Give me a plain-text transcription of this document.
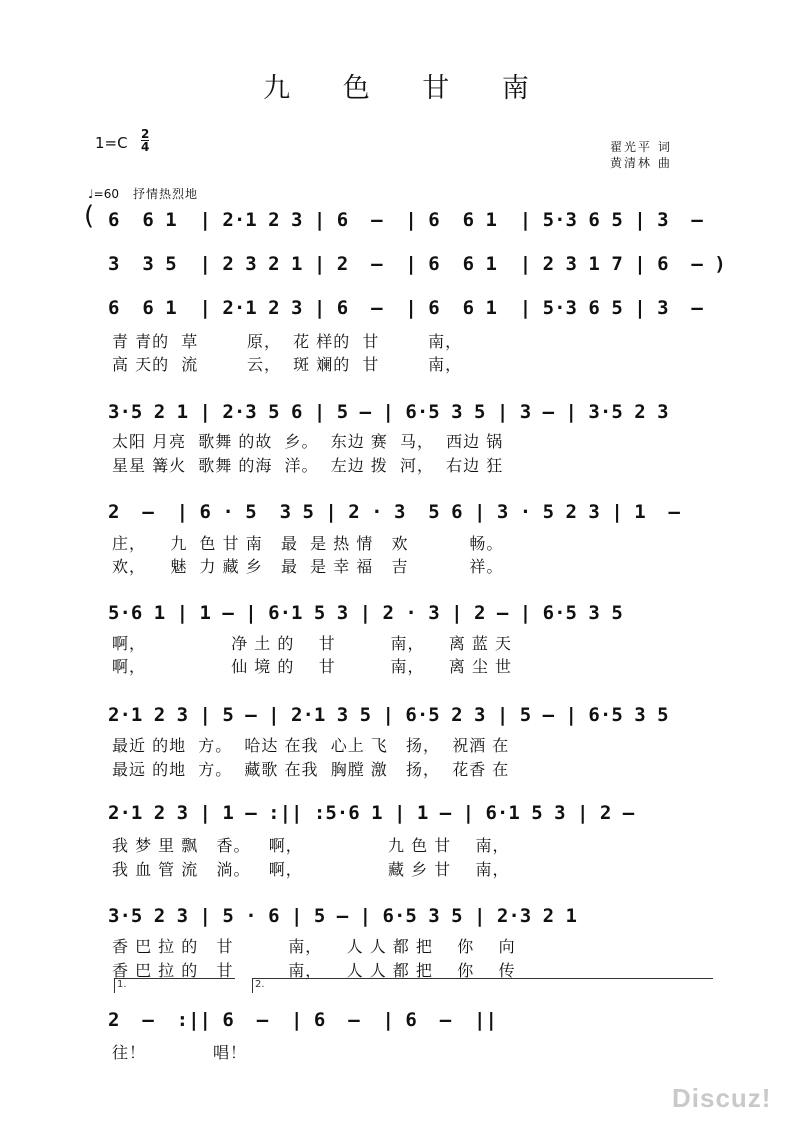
九 色 甘 南
1=C 2
4	翟光平 词
黄清林 曲
♩=60 抒情热烈地
( 6  6 1  | 2·1 2 3 | 6  –  | 6  6 1  | 5·3 6 5 | 3  –
3  3 5  | 2 3 2 1 | 2  –  | 6  6 1  | 2 3 1 7 | 6  – )
6  6 1  | 2·1 2 3 | 6  –  | 6  6 1  | 5·3 6 5 | 3  –
青 青的  草        原，  花 样的  甘        南，
高 天的  流        云，  斑 斓的  甘        南，
3·5 2 1 | 2·3 5 6 | 5 – | 6·5 3 5 | 3 – | 3·5 2 3
太阳 月亮  歌舞 的故  乡。  东边 赛  马，  西边 锅
星星 篝火  歌舞 的海  洋。  左边 拨  河，  右边 狂
2  –  | 6 · 5  3 5 | 2 · 3  5 6 | 3 · 5 2 3 | 1  –
庄，    九  色 甘 南   最  是 热 情   欢          畅。
欢，    魅  力 藏 乡   最  是 幸 福   吉          祥。
5·6 1 | 1 – | 6·1 5 3 | 2 · 3 | 2 – | 6·5 3 5
啊，              净 土 的    甘         南，    离 蓝 天
啊，              仙 境 的    甘         南，    离 尘 世
2·1 2 3 | 5 – | 2·1 3 5 | 6·5 2 3 | 5 – | 6·5 3 5
最近 的地  方。  哈达 在我  心上 飞   扬，  祝酒 在
最远 的地  方。  藏歌 在我  胸膛 激   扬，  花香 在
2·1 2 3 | 1 – :|| :5·6 1 | 1 – | 6·1 5 3 | 2 –
我 梦 里 飘   香。   啊，              九 色 甘    南，
我 血 管 流   淌。   啊，              藏 乡 甘    南，
3·5 2 3 | 5 · 6 | 5 – | 6·5 3 5 | 2·3 2 1
香 巴 拉 的   甘         南，    人 人 都 把    你    向
香 巴 拉 的   甘         南，    人 人 都 把    你    传
1.	2.
2  –  :|| 6  –  | 6  –  | 6  –  ||
往！           唱！
Discuz!
